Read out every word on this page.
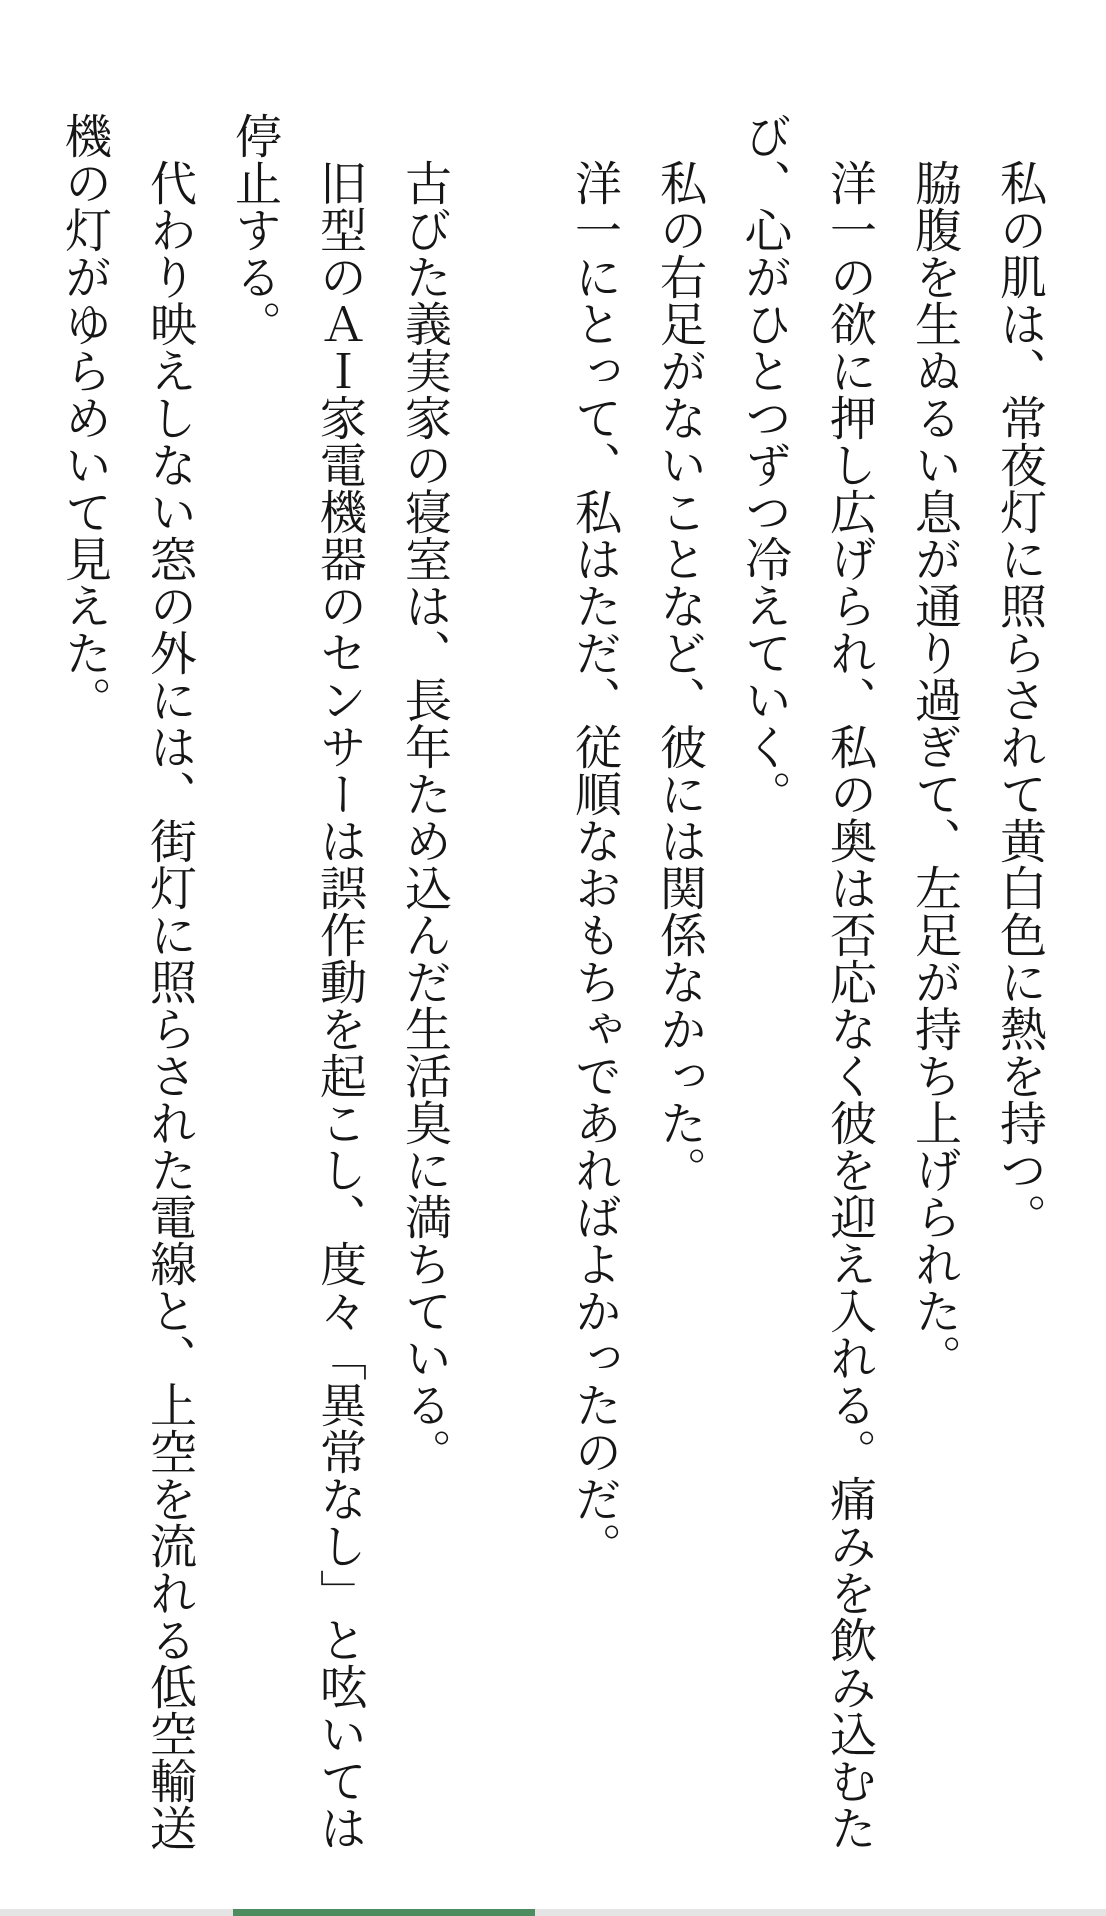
私の肌は、常夜灯に照らされて黄白色に熱を持つ。

脇腹を生ぬるい息が通り過ぎて、左足が持ち上げられた。

洋一の欲に押し広げられ、私の奥は否応なく彼を迎え入れる。痛みを飲み込むたび、心がひとつずつ冷えていく。

私の右足がないことなど、彼には関係なかった。

洋一にとって、私はただ、従順なおもちゃであればよかったのだ。

古びた義実家の寝室は、長年ため込んだ生活臭に満ちている。

旧型のＡＩ家電機器のセンサーは誤作動を起こし、度々「異常なし」と呟いては停止する。

代わり映えしない窓の外には、街灯に照らされた電線と、上空を流れる低空輸送機の灯がゆらめいて見えた。
